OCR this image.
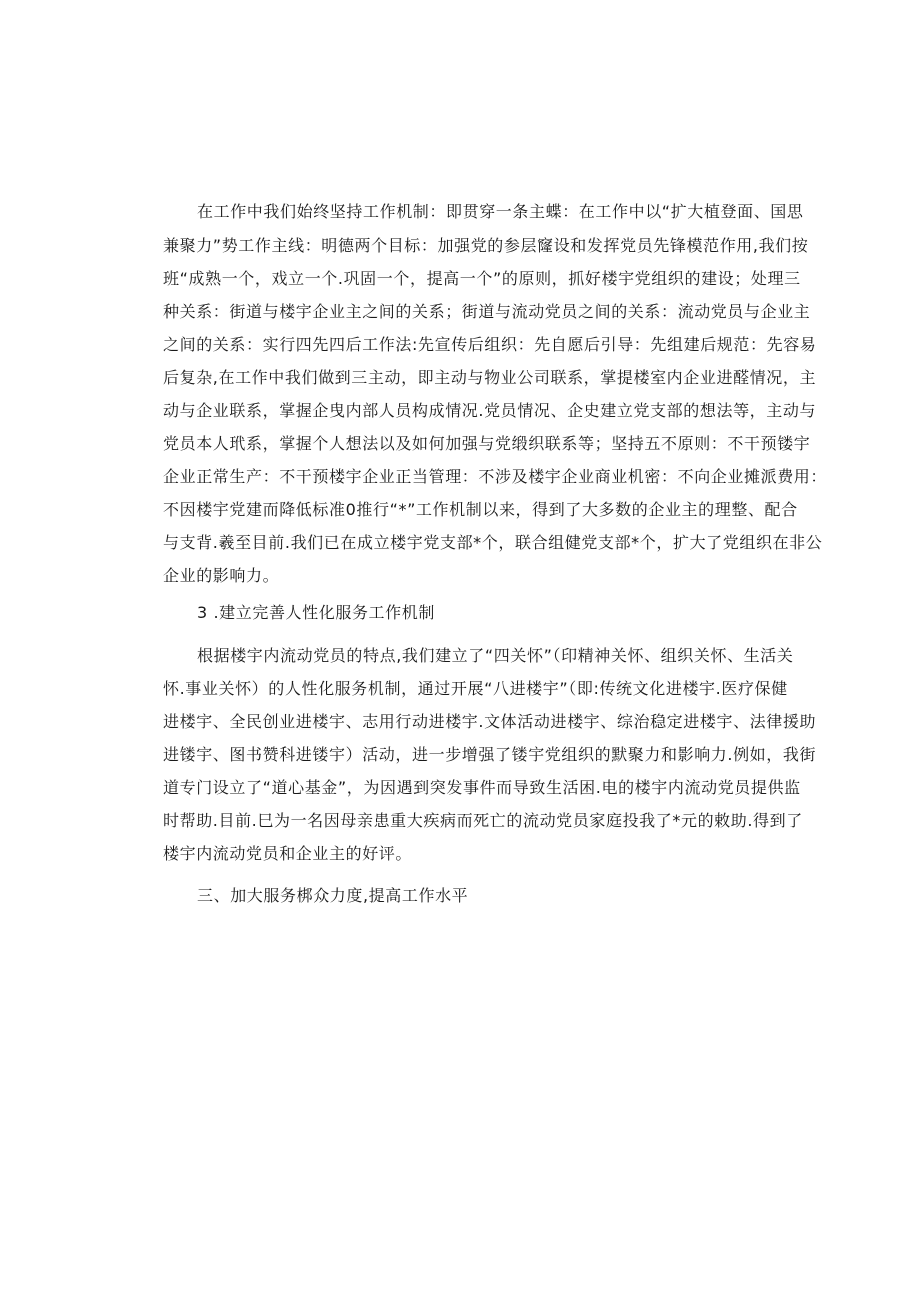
在工作中我们始终坚持工作机制：即贯穿一条主蝶：在工作中以“扩大植登面、国思
兼聚力”势工作主线：明德两个目标：加强党的参层窿设和发挥党员先锋模范作用,我们按
班“成熟一个，戏立一个.巩固一个，提高一个”的原则，抓好楼宇党组织的建设；处理三
种关系：街道与楼宇企业主之间的关系；街道与流动党员之间的关系：流动党员与企业主
之间的关系：实行四先四后工作法:先宣传后组织：先自愿后引导：先组建后规范：先容易
后复杂,在工作中我们做到三主动，即主动与物业公司联系，掌提楼室内企业进醛情况，主
动与企业联系，掌握企曳内部人员构成情况.党员情况、企史建立党支部的想法等，主动与
党员本人玳系，掌握个人想法以及如何加强与党缎织联系等；坚持五不原则：不干预镂宇
企业正常生产：不干预楼宇企业正当管理：不涉及楼宇企业商业机密：不向企业摊派费用：
不因楼宇党建而降低标准0推行“*”工作机制以来，得到了大多数的企业主的理整、配合
与支背.羲至目前.我们已在成立楼宇党支部*个，联合组健党支部*个，扩大了党组织在非公
企业的影响力。
3 .建立完善人性化服务工作机制
根据楼宇内流动党员的特点,我们建立了“四关怀”（印精神关怀、组织关怀、生活关
怀.事业关怀）的人性化服务机制，通过开展“八进楼宇”（即:传统文化进楼宇.医疗保健
进楼宇、全民创业进楼宇、志用行动进楼宇.文体活动进楼宇、综治稳定进楼宇、法律援助
进镂宇、图书赞科进镂宇）活动，进一步增强了镂宇党组织的默聚力和影响力.例如，我街
道专门设立了“道心基金”，为因遇到突发事件而导致生活困.电的楼宇内流动党员提供监
时帮助.目前.巳为一名因母亲患重大疾病而死亡的流动党员家庭投我了*元的敕助.得到了
楼宇内流动党员和企业主的好评。
三、加大服务梆众力度,提高工作水平
